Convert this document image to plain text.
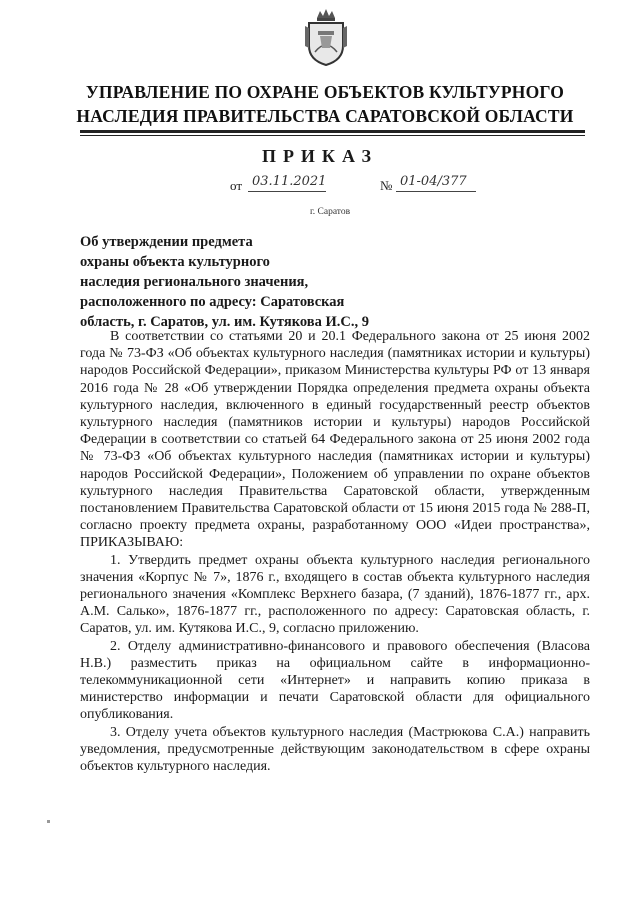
УПРАВЛЕНИЕ ПО ОХРАНЕ ОБЪЕКТОВ КУЛЬТУРНОГО
НАСЛЕДИЯ ПРАВИТЕЛЬСТВА САРАТОВСКОЙ ОБЛАСТИ
ПРИКАЗ
от 03.11.2021	№ 01-04/377
г. Саратов
Об утверждении предмета
охраны объекта культурного
наследия регионального значения,
расположенного по адресу: Саратовская
область, г. Саратов, ул. им. Кутякова И.С., 9

В соответствии со статьями 20 и 20.1 Федерального закона от 25 июня 2002 года № 73-ФЗ «Об объектах культурного наследия (памятниках истории и культуры) народов Российской Федерации», приказом Министерства культуры РФ от 13 января 2016 года № 28 «Об утверждении Порядка определения предмета охраны объекта культурного наследия, включенного в единый государственный реестр объектов культурного наследия (памятников истории и культуры) народов Российской Федерации в соответствии со статьей 64 Федерального закона от 25 июня 2002 года № 73-ФЗ «Об объектах культурного наследия (памятниках истории и культуры) народов Российской Федерации», Положением об управлении по охране объектов культурного наследия Правительства Саратовской области, утвержденным постановлением Правительства Саратовской области от 15 июня 2015 года № 288-П, согласно проекту предмета охраны, разработанному ООО «Идеи пространства», ПРИКАЗЫВАЮ:

1. Утвердить предмет охраны объекта культурного наследия регионального значения «Корпус № 7», 1876 г., входящего в состав объекта культурного наследия регионального значения «Комплекс Верхнего базара, (7 зданий), 1876-1877 гг., арх. А.М. Салько», 1876-1877 гг., расположенного по адресу: Саратовская область, г. Саратов, ул. им. Кутякова И.С., 9, согласно приложению.

2. Отделу административно-финансового и правового обеспечения (Власова Н.В.) разместить приказ на официальном сайте в информационно-телекоммуникационной сети «Интернет» и направить копию приказа в министерство информации и печати Саратовской области для официального опубликования.

3. Отделу учета объектов культурного наследия (Мастрюкова С.А.) направить уведомления, предусмотренные действующим законодательством в сфере охраны объектов культурного наследия.
